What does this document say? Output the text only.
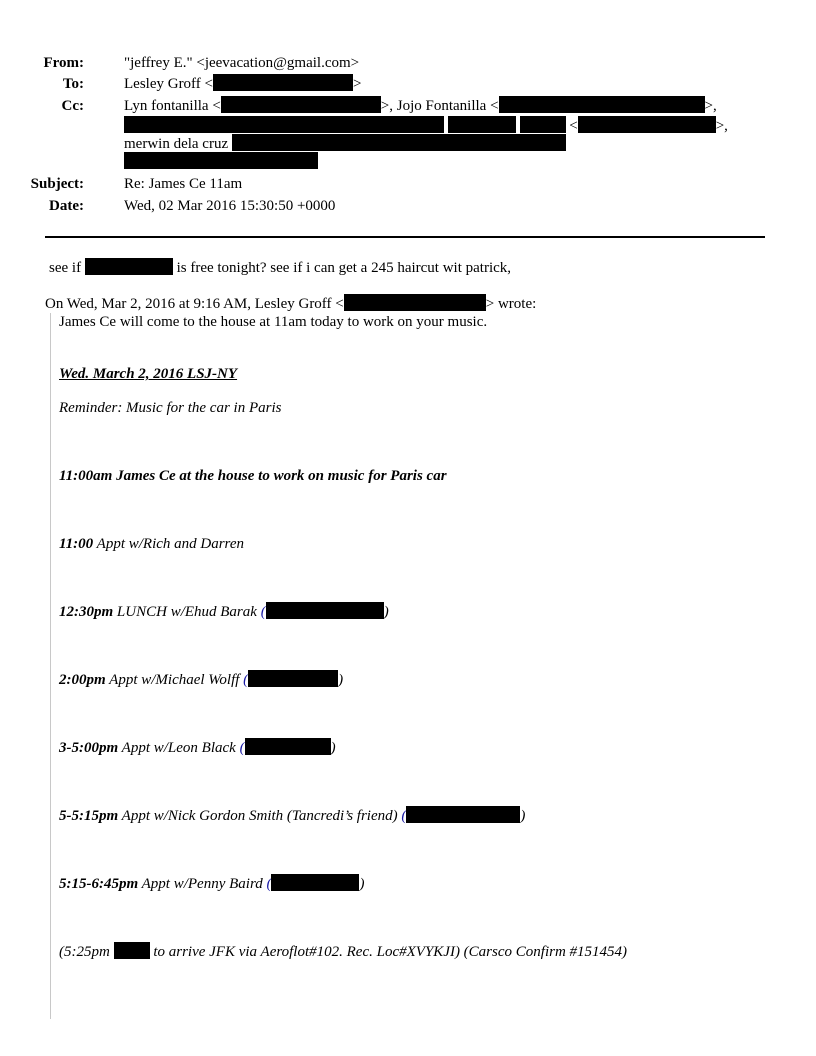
From:	"jeffrey E." <jeevacation@gmail.com>
To:	Lesley Groff <	>
Cc:	Lyn fontanilla <	>, Jojo Fontanilla <	>,
<	>,
merwin dela cruz
Subject:	Re: James Ce 11am
Date:	Wed, 02 Mar 2016 15:30:50 +0000
see if	is free tonight? see if i can get a 245 haircut wit patrick,
On Wed, Mar 2, 2016 at 9:16 AM, Lesley Groff <	> wrote:
James Ce will come to the house at 11am today to work on your music.
Wed. March 2, 2016 LSJ-NY
Reminder: Music for the car in Paris
11:00am James Ce at the house to work on music for Paris car
11:00 Appt w/Rich and Darren
12:30pm LUNCH w/Ehud Barak (	)
2:00pm Appt w/Michael Wolff (	)
3-5:00pm Appt w/Leon Black (	)
5-5:15pm Appt w/Nick Gordon Smith (Tancredi’s friend) (	)
5:15-6:45pm Appt w/Penny Baird (	)
(5:25pm	to arrive JFK via Aeroflot#102. Rec. Loc#XVYKJI) (Carsco Confirm #151454)
